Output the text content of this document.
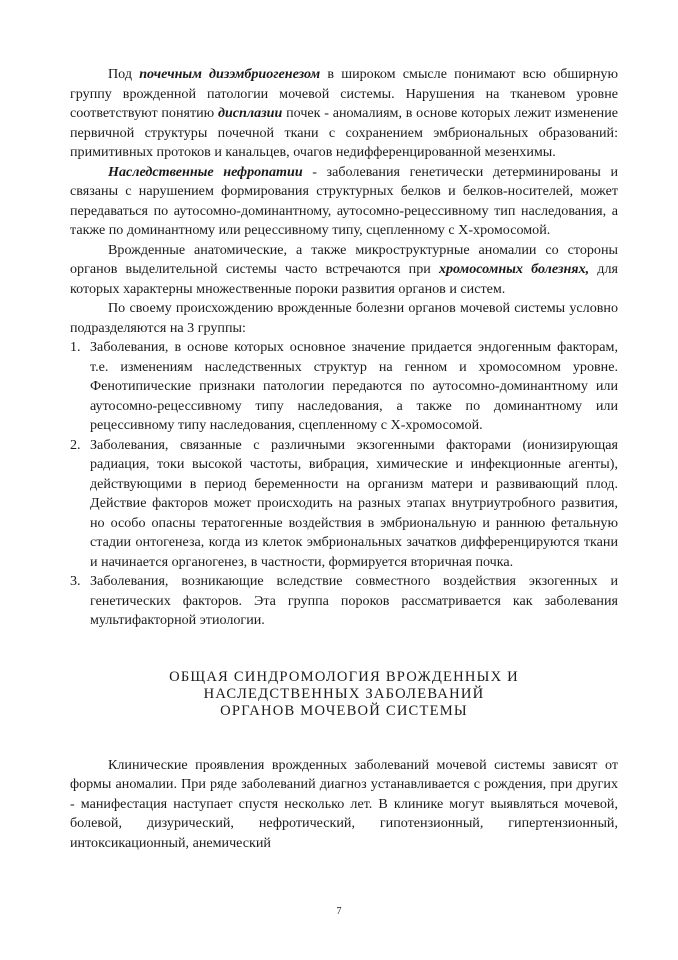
Под почечным дизэмбриогенезом в широком смысле понимают всю обширную группу врожденной патологии мочевой системы. Нарушения на тканевом уровне соответствуют понятию дисплазии почек - аномалиям, в основе которых лежит изменение первичной структуры почечной ткани с сохранением эмбриональных образований: примитивных протоков и канальцев, очагов недифференцированной мезенхимы.

Наследственные нефропатии - заболевания генетически детерминированы и связаны с нарушением формирования структурных белков и белков-носителей, может передаваться по аутосомно-доминантному, аутосомно-рецессивному тип наследования, а также по доминантному или рецессивному типу, сцепленному с Х-хромосомой.

Врожденные анатомические, а также микроструктурные аномалии со стороны органов выделительной системы часто встречаются при хромосомных болезнях, для которых характерны множественные пороки развития органов и систем.

По своему происхождению врожденные болезни органов мочевой системы условно подразделяются на 3 группы:

1. Заболевания, в основе которых основное значение придается эндогенным факторам, т.е. изменениям наследственных структур на генном и хромосомном уровне. Фенотипические признаки патологии передаются по аутосомно-доминантному или аутосомно-рецессивному типу наследования, а также по доминантному или рецессивному типу наследования, сцепленному с Х-хромосомой.
2. Заболевания, связанные с различными экзогенными факторами (ионизирующая радиация, токи высокой частоты, вибрация, химические и инфекционные агенты), действующими в период беременности на организм матери и развивающий плод. Действие факторов может происходить на разных этапах внутриутробного развития, но особо опасны тератогенные воздействия в эмбриональную и раннюю фетальную стадии онтогенеза, когда из клеток эмбриональных зачатков дифференцируются ткани и начинается органогенез, в частности, формируется вторичная почка.
3. Заболевания, возникающие вследствие совместного воздействия экзогенных и генетических факторов. Эта группа пороков рассматривается как заболевания мультифакторной этиологии.
ОБЩАЯ СИНДРОМОЛОГИЯ ВРОЖДЕННЫХ И
НАСЛЕДСТВЕННЫХ ЗАБОЛЕВАНИЙ
ОРГАНОВ МОЧЕВОЙ СИСТЕМЫ

Клинические проявления врожденных заболеваний мочевой системы зависят от формы аномалии. При ряде заболеваний диагноз устанавливается с рождения, при других - манифестация наступает спустя несколько лет. В клинике могут выявляться мочевой, болевой, дизурический, нефротический, гипотензионный, гипертензионный, интоксикационный, анемический

7
